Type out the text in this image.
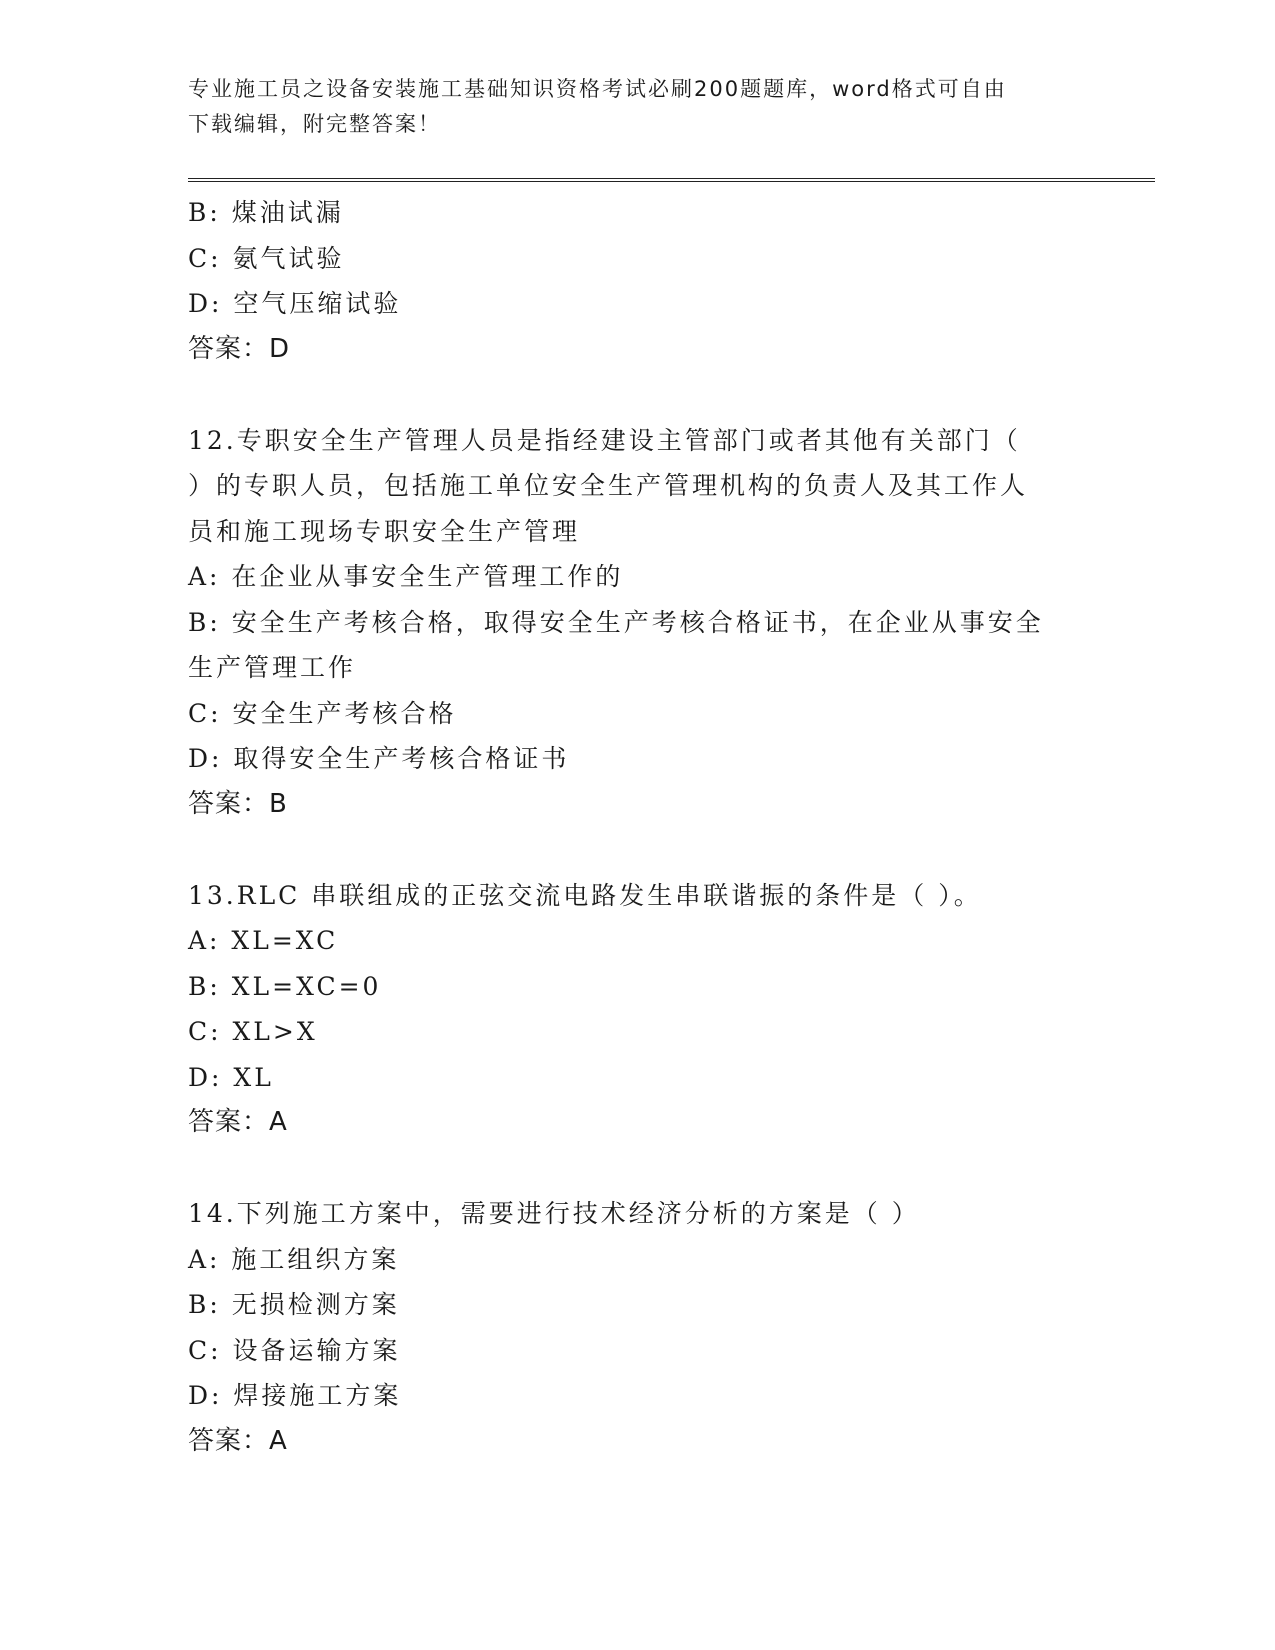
专业施工员之设备安装施工基础知识资格考试必刷200题题库，word格式可自由
下载编辑，附完整答案！
B: 煤油试漏
C: 氨气试验
D: 空气压缩试验
答案：D
12.专职安全生产管理人员是指经建设主管部门或者其他有关部门（
）的专职人员，包括施工单位安全生产管理机构的负责人及其工作人
员和施工现场专职安全生产管理
A: 在企业从事安全生产管理工作的
B: 安全生产考核合格，取得安全生产考核合格证书，在企业从事安全
生产管理工作
C: 安全生产考核合格
D: 取得安全生产考核合格证书
答案：B
13.RLC 串联组成的正弦交流电路发生串联谐振的条件是（ ）。
A: XL=XC
B: XL=XC=0
C: XL>X
D: XL
答案：A
14.下列施工方案中，需要进行技术经济分析的方案是（ ）
A: 施工组织方案
B: 无损检测方案
C: 设备运输方案
D: 焊接施工方案
答案：A
